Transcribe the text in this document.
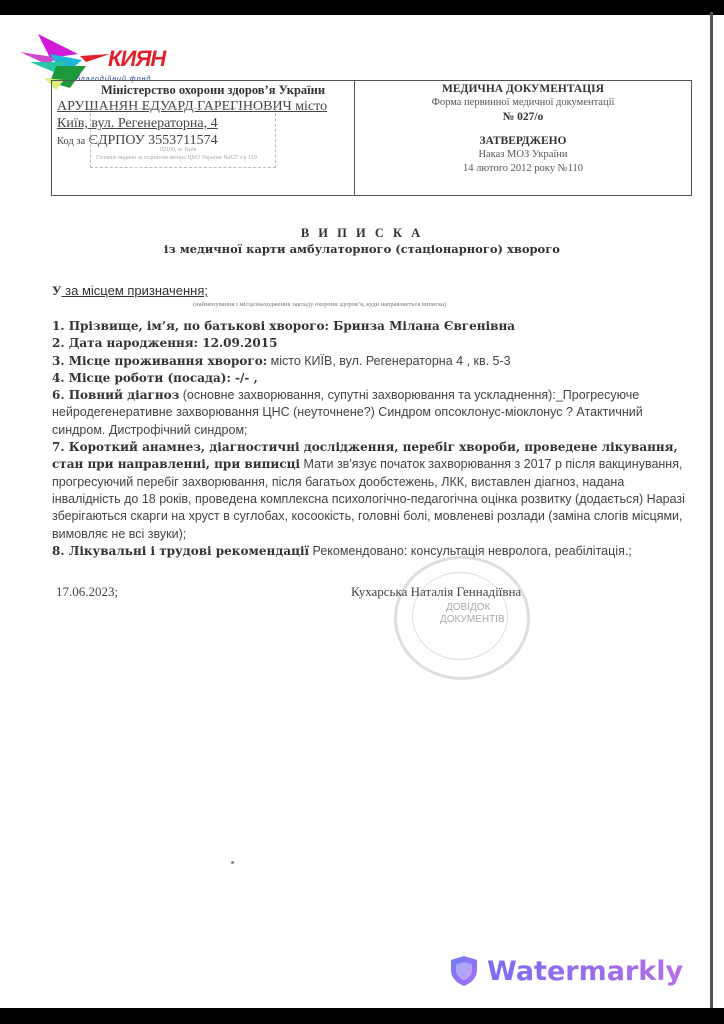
КИЯН
благодійний фонд
Міністерство охорони здоров’я України
АРУШАНЯН ЕДУАРД ГАРЕГІНОВИЧ місто
Київ, вул. Регенераторна, 4
Код за ЄДРПОУ 3553711574
02160, м. Київ
Головне видано за підписом автора ЦМЗ України №027 з/р 110
МЕДИЧНА ДОКУМЕНТАЦІЯ
Форма первинної медичної документації
№ 027/о
ЗАТВЕРДЖЕНО
Наказ МОЗ України
14 лютого 2012 року №110
В И П И С К А
із медичної карти амбулаторного (стаціонарного) хворого
У за місцем призначення;
(найменування і місцезнаходження закладу охорони здоров’я, куди направляється виписка)

1. Прізвище, ім’я, по батькові хворого: Бринза Мілана Євгенівна

2. Дата народження: 12.09.2015

3. Місце проживання хворого: місто КИЇВ, вул. Регенераторна 4 , кв. 5-3

4. Місце роботи (посада): -/- ,

6. Повний діагноз (основне захворювання, супутні захворювання та ускладнення):_Прогресуюче нейродегенеративне захворювання ЦНС (неуточнене?) Синдром опсоклонус-міоклонус ? Атактичний синдром. Дистрофічний синдром;

7. Короткий анамнез, діагностичні дослідження, перебіг хвороби, проведене лікування, стан при направленні, при виписці Мати зв'язує початок захворювання з 2017 р після вакцинування, прогресуючий перебіг захворювання, після багатьох дообстежень, ЛКК, виставлен діагноз, надана інвалідність до 18 років, проведена комплексна психологічно-педагогічна оцінка розвитку (додається) Наразі зберігаються скарги на хруст в суглобах, косоокість, головні болі, мовленеві розлади (заміна слогів місцями, вимовляє не всі звуки);

8. Лікувальні і трудові рекомендації Рекомендовано: консультація невролога, реабілітація.;

ДОВІДОК
ДОКУМЕНТІВ
17.06.2023;	Кухарська Наталія Геннадіївна
Watermarkly
